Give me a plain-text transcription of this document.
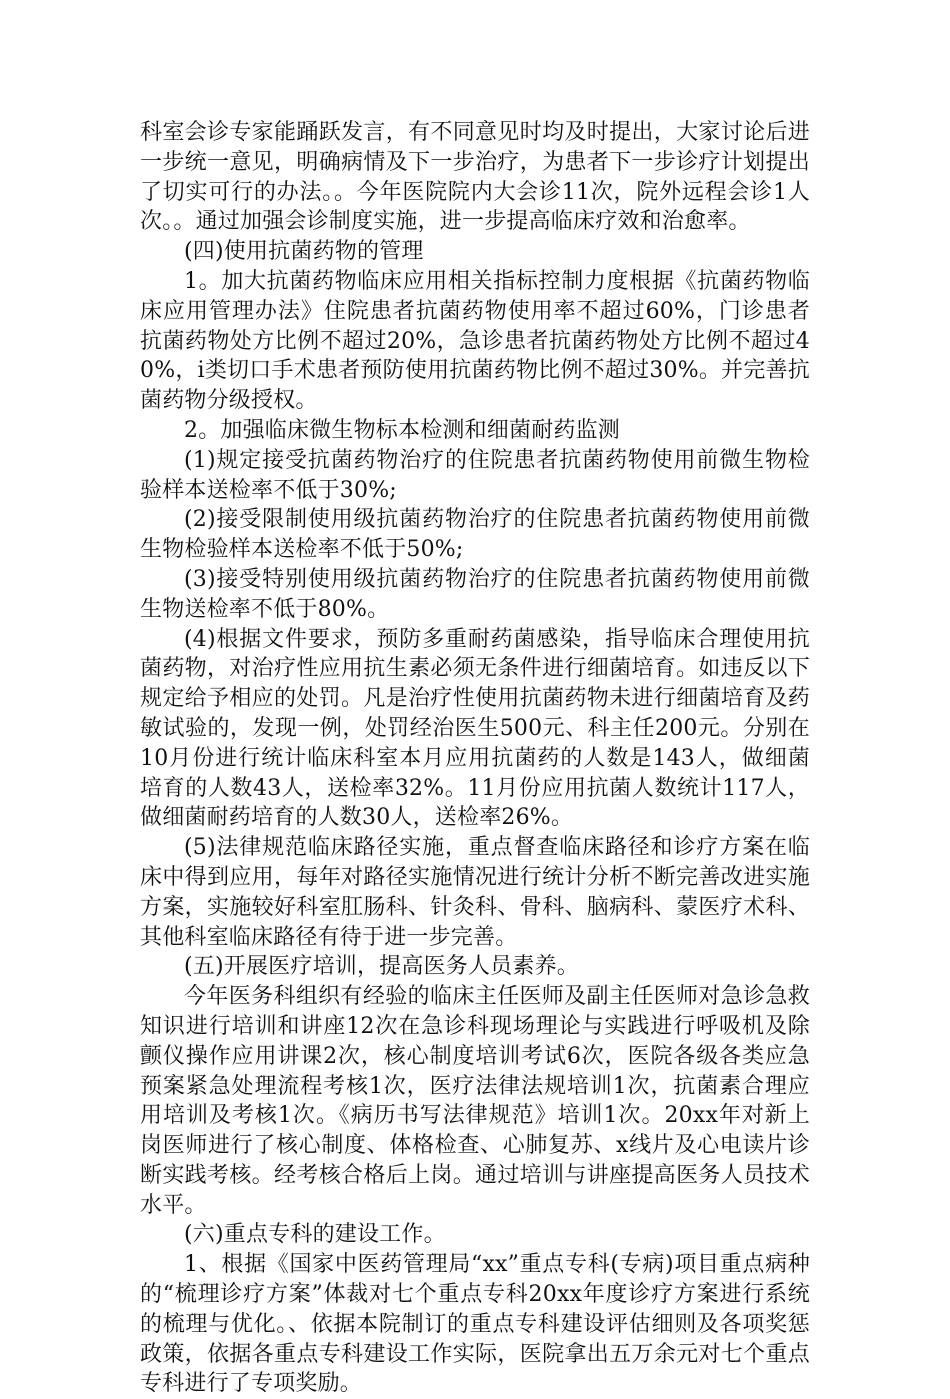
科室会诊专家能踊跃发言，有不同意见时均及时提出，大家讨论后进一步统一意见，明确病情及下一步治疗，为患者下一步诊疗计划提出了切实可行的办法。。今年医院院内大会诊11次，院外远程会诊1人次。。通过加强会诊制度实施，进一步提高临床疗效和治愈率。

(四)使用抗菌药物的管理

1。加大抗菌药物临床应用相关指标控制力度根据《抗菌药物临床应用管理办法》住院患者抗菌药物使用率不超过60%，门诊患者抗菌药物处方比例不超过20%，急诊患者抗菌药物处方比例不超过40%，i类切口手术患者预防使用抗菌药物比例不超过30%。并完善抗菌药物分级授权。

2。加强临床微生物标本检测和细菌耐药监测

(1)规定接受抗菌药物治疗的住院患者抗菌药物使用前微生物检验样本送检率不低于30%;

(2)接受限制使用级抗菌药物治疗的住院患者抗菌药物使用前微生物检验样本送检率不低于50%;

(3)接受特别使用级抗菌药物治疗的住院患者抗菌药物使用前微生物送检率不低于80%。

(4)根据文件要求，预防多重耐药菌感染，指导临床合理使用抗菌药物，对治疗性应用抗生素必须无条件进行细菌培育。如违反以下规定给予相应的处罚。凡是治疗性使用抗菌药物未进行细菌培育及药敏试验的，发现一例，处罚经治医生500元、科主任200元。分别在10月份进行统计临床科室本月应用抗菌药的人数是143人，做细菌培育的人数43人，送检率32%。11月份应用抗菌人数统计117人，做细菌耐药培育的人数30人，送检率26%。

(5)法律规范临床路径实施，重点督查临床路径和诊疗方案在临床中得到应用，每年对路径实施情况进行统计分析不断完善改进实施方案，实施较好科室肛肠科、针灸科、骨科、脑病科、蒙医疗术科、其他科室临床路径有待于进一步完善。

(五)开展医疗培训，提高医务人员素养。

今年医务科组织有经验的临床主任医师及副主任医师对急诊急救知识进行培训和讲座12次在急诊科现场理论与实践进行呼吸机及除颤仪操作应用讲课2次，核心制度培训考试6次，医院各级各类应急预案紧急处理流程考核1次，医疗法律法规培训1次，抗菌素合理应用培训及考核1次。《病历书写法律规范》培训1次。20xx年对新上岗医师进行了核心制度、体格检查、心肺复苏、x线片及心电读片诊断实践考核。经考核合格后上岗。通过培训与讲座提高医务人员技术水平。

(六)重点专科的建设工作。

1、根据《国家中医药管理局“xx”重点专科(专病)项目重点病种的“梳理诊疗方案”体裁对七个重点专科20xx年度诊疗方案进行系统的梳理与优化。、依据本院制订的重点专科建设评估细则及各项奖惩政策，依据各重点专科建设工作实际，医院拿出五万余元对七个重点专科进行了专项奖励。
